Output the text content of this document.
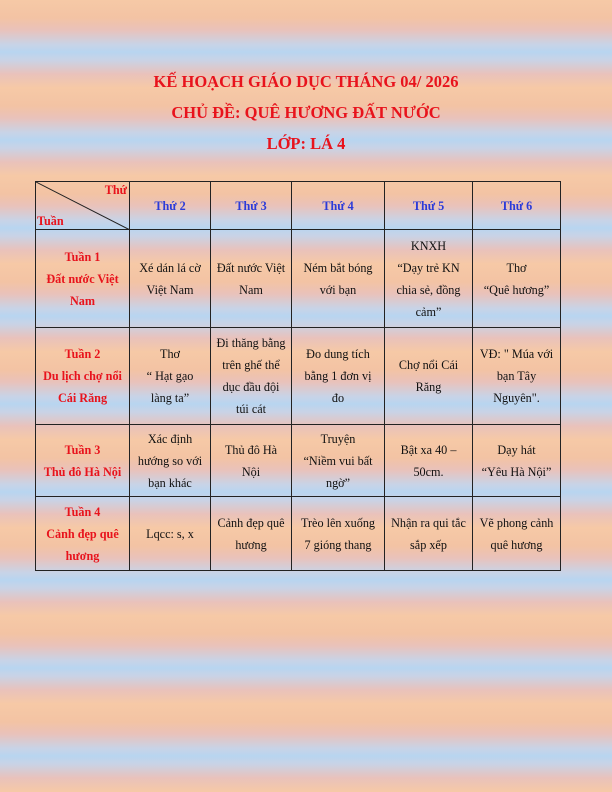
KẾ HOẠCH GIÁO DỤC THÁNG 04/ 2026
CHỦ ĐỀ: QUÊ HƯƠNG ĐẤT NƯỚC
LỚP: LÁ 4
Thứ
Tuần	Thứ 2	Thứ 3	Thứ 4	Thứ 5	Thứ 6

Tuần 1
Đất nước Việt
Nam	Xé dán lá cờ
Việt Nam	Đất nước Việt
Nam	Ném bắt bóng
với bạn	KNXH
“Dạy trẻ KN
chia sẻ, đồng
cảm”	Thơ
“Quê hương”

Tuần 2
Du lịch chợ nổi
Cái Răng	Thơ
“ Hạt gạo
làng ta”	Đi thăng bằng
trên ghế thể
dục đầu đội
túi cát	Đo dung tích
bằng 1 đơn vị
đo	Chợ nổi Cái
Răng	VĐ: " Múa với
bạn Tây
Nguyên".

Tuần 3
Thủ đô Hà Nội	Xác định
hướng so với
bạn khác	Thủ đô Hà
Nội	Truyện
“Niềm vui bất
ngờ”	Bật xa 40 –
50cm.	Dạy hát
“Yêu Hà Nội”

Tuần 4
Cảnh đẹp quê
hương	Lqcc: s, x	Cảnh đẹp quê
hương	Trèo lên xuống
7 gióng thang	Nhận ra qui tắc
sắp xếp	Vẽ phong cảnh
quê hương
